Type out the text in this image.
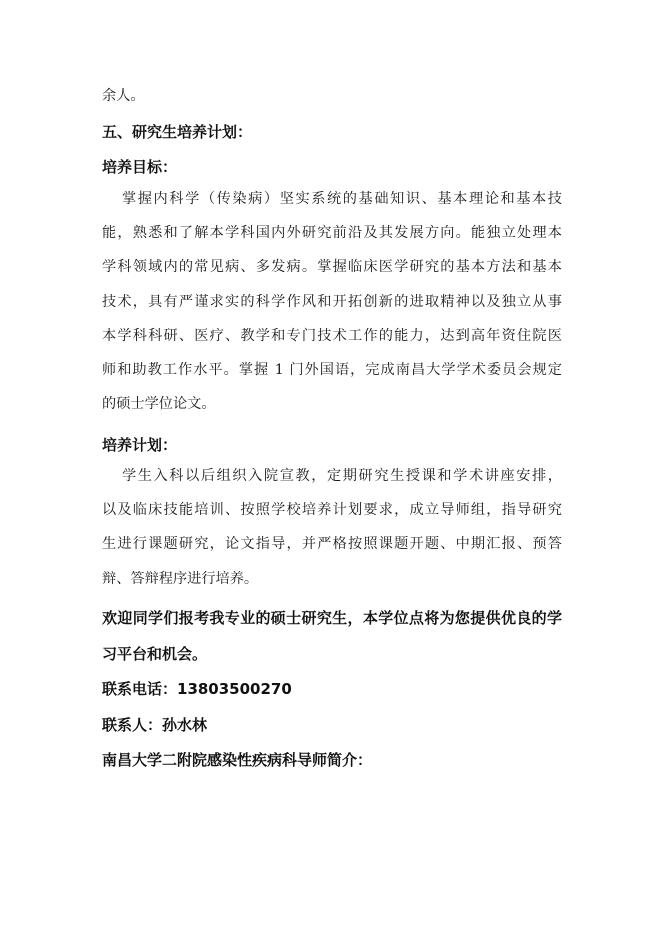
余人。
五、研究生培养计划：
培养目标：
掌握内科学（传染病）坚实系统的基础知识、基本理论和基本技
能，熟悉和了解本学科国内外研究前沿及其发展方向。能独立处理本
学科领域内的常见病、多发病。掌握临床医学研究的基本方法和基本
技术，具有严谨求实的科学作风和开拓创新的进取精神以及独立从事
本学科科研、医疗、教学和专门技术工作的能力，达到高年资住院医
师和助教工作水平。掌握 1 门外国语，完成南昌大学学术委员会规定
的硕士学位论文。
培养计划：
学生入科以后组织入院宣教，定期研究生授课和学术讲座安排，
以及临床技能培训、按照学校培养计划要求，成立导师组，指导研究
生进行课题研究，论文指导，并严格按照课题开题、中期汇报、预答
辩、答辩程序进行培养。
欢迎同学们报考我专业的硕士研究生，本学位点将为您提供优良的学
习平台和机会。
联系电话：13803500270
联系人：孙水林
南昌大学二附院感染性疾病科导师简介：
